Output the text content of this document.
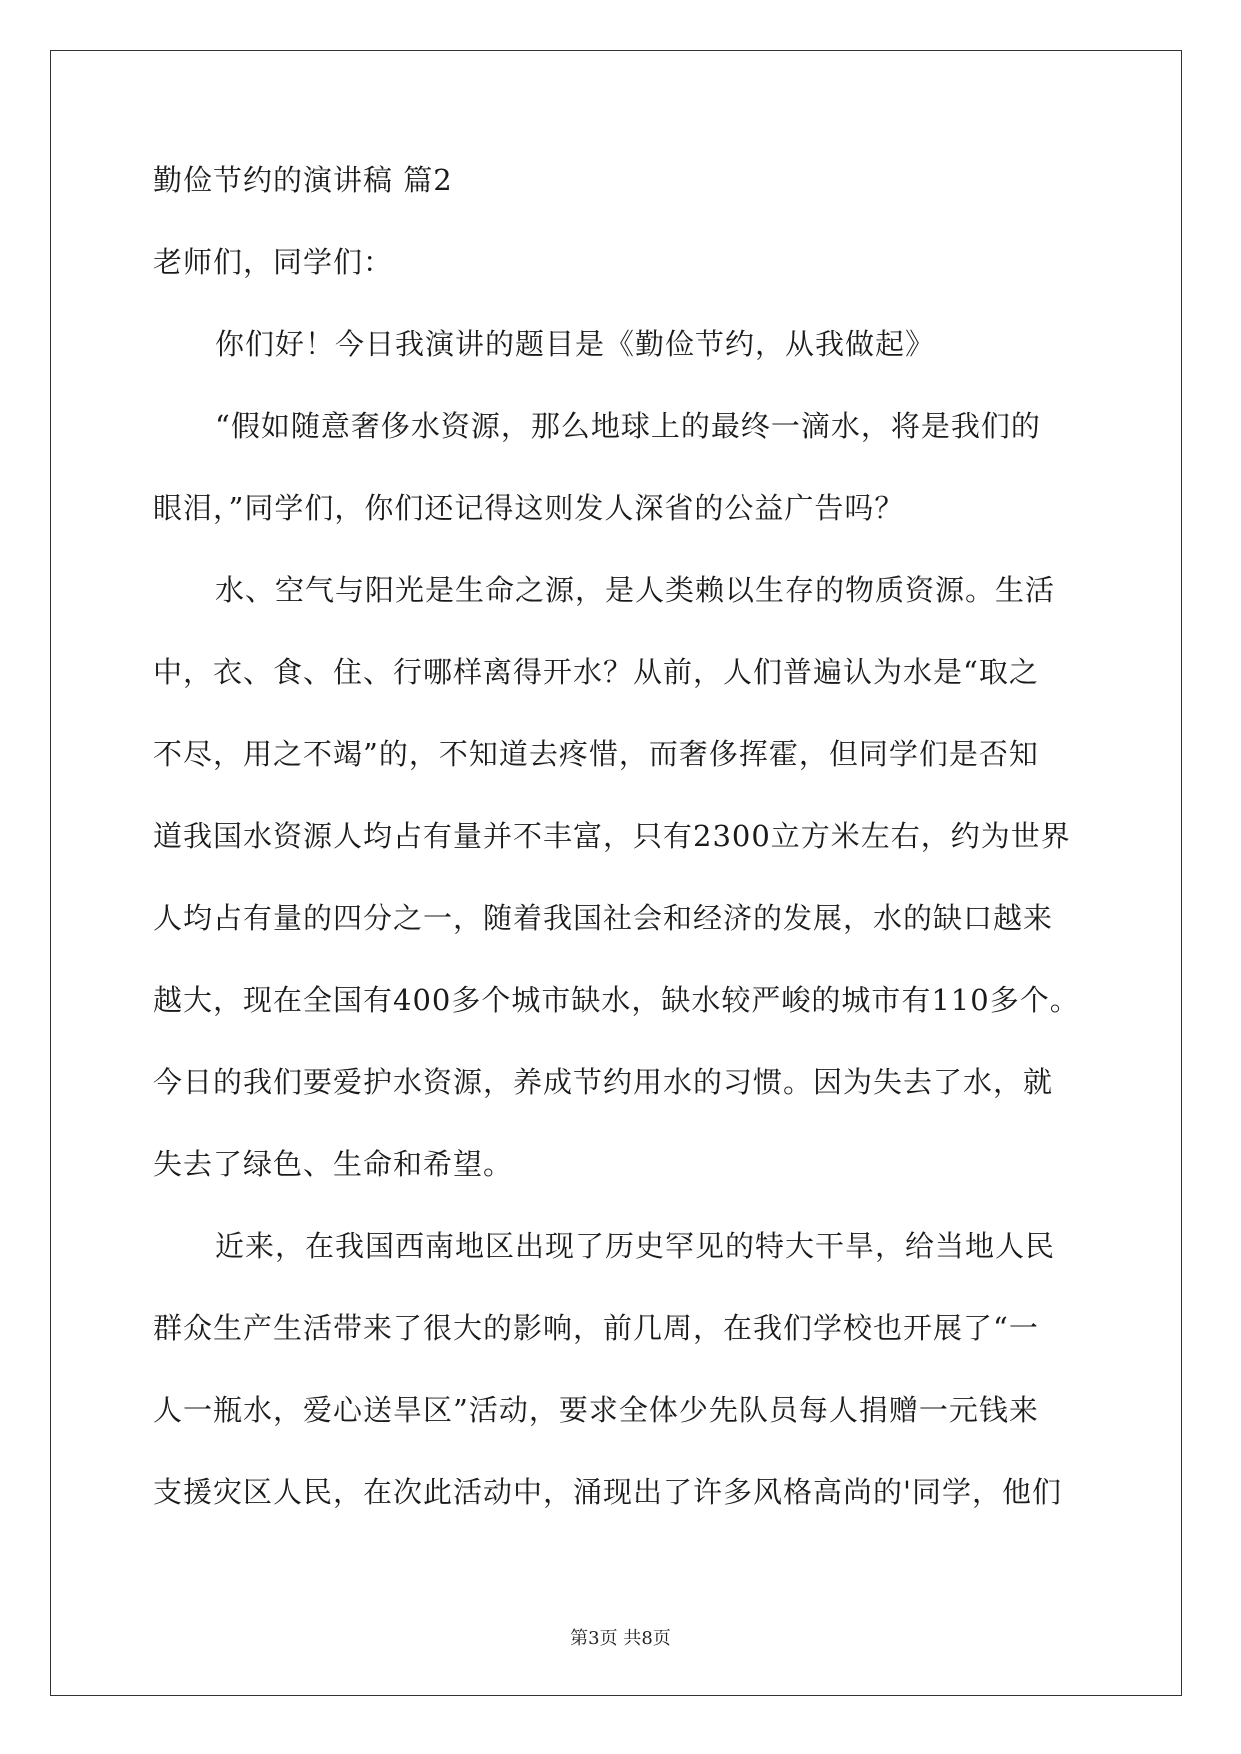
勤俭节约的演讲稿 篇2
老师们，同学们：
你们好！今日我演讲的题目是《勤俭节约，从我做起》
“假如随意奢侈水资源，那么地球上的最终一滴水，将是我们的
眼泪，”同学们，你们还记得这则发人深省的公益广告吗？
水、空气与阳光是生命之源，是人类赖以生存的物质资源。生活
中，衣、食、住、行哪样离得开水？从前，人们普遍认为水是“取之
不尽，用之不竭”的，不知道去疼惜，而奢侈挥霍，但同学们是否知
道我国水资源人均占有量并不丰富，只有2300立方米左右，约为世界
人均占有量的四分之一，随着我国社会和经济的发展，水的缺口越来
越大，现在全国有400多个城市缺水，缺水较严峻的城市有110多个。
今日的我们要爱护水资源，养成节约用水的习惯。因为失去了水，就
失去了绿色、生命和希望。
近来，在我国西南地区出现了历史罕见的特大干旱，给当地人民
群众生产生活带来了很大的影响，前几周，在我们学校也开展了“一
人一瓶水，爱心送旱区”活动，要求全体少先队员每人捐赠一元钱来
支援灾区人民，在次此活动中，涌现出了许多风格高尚的'同学，他们
第3页 共8页
